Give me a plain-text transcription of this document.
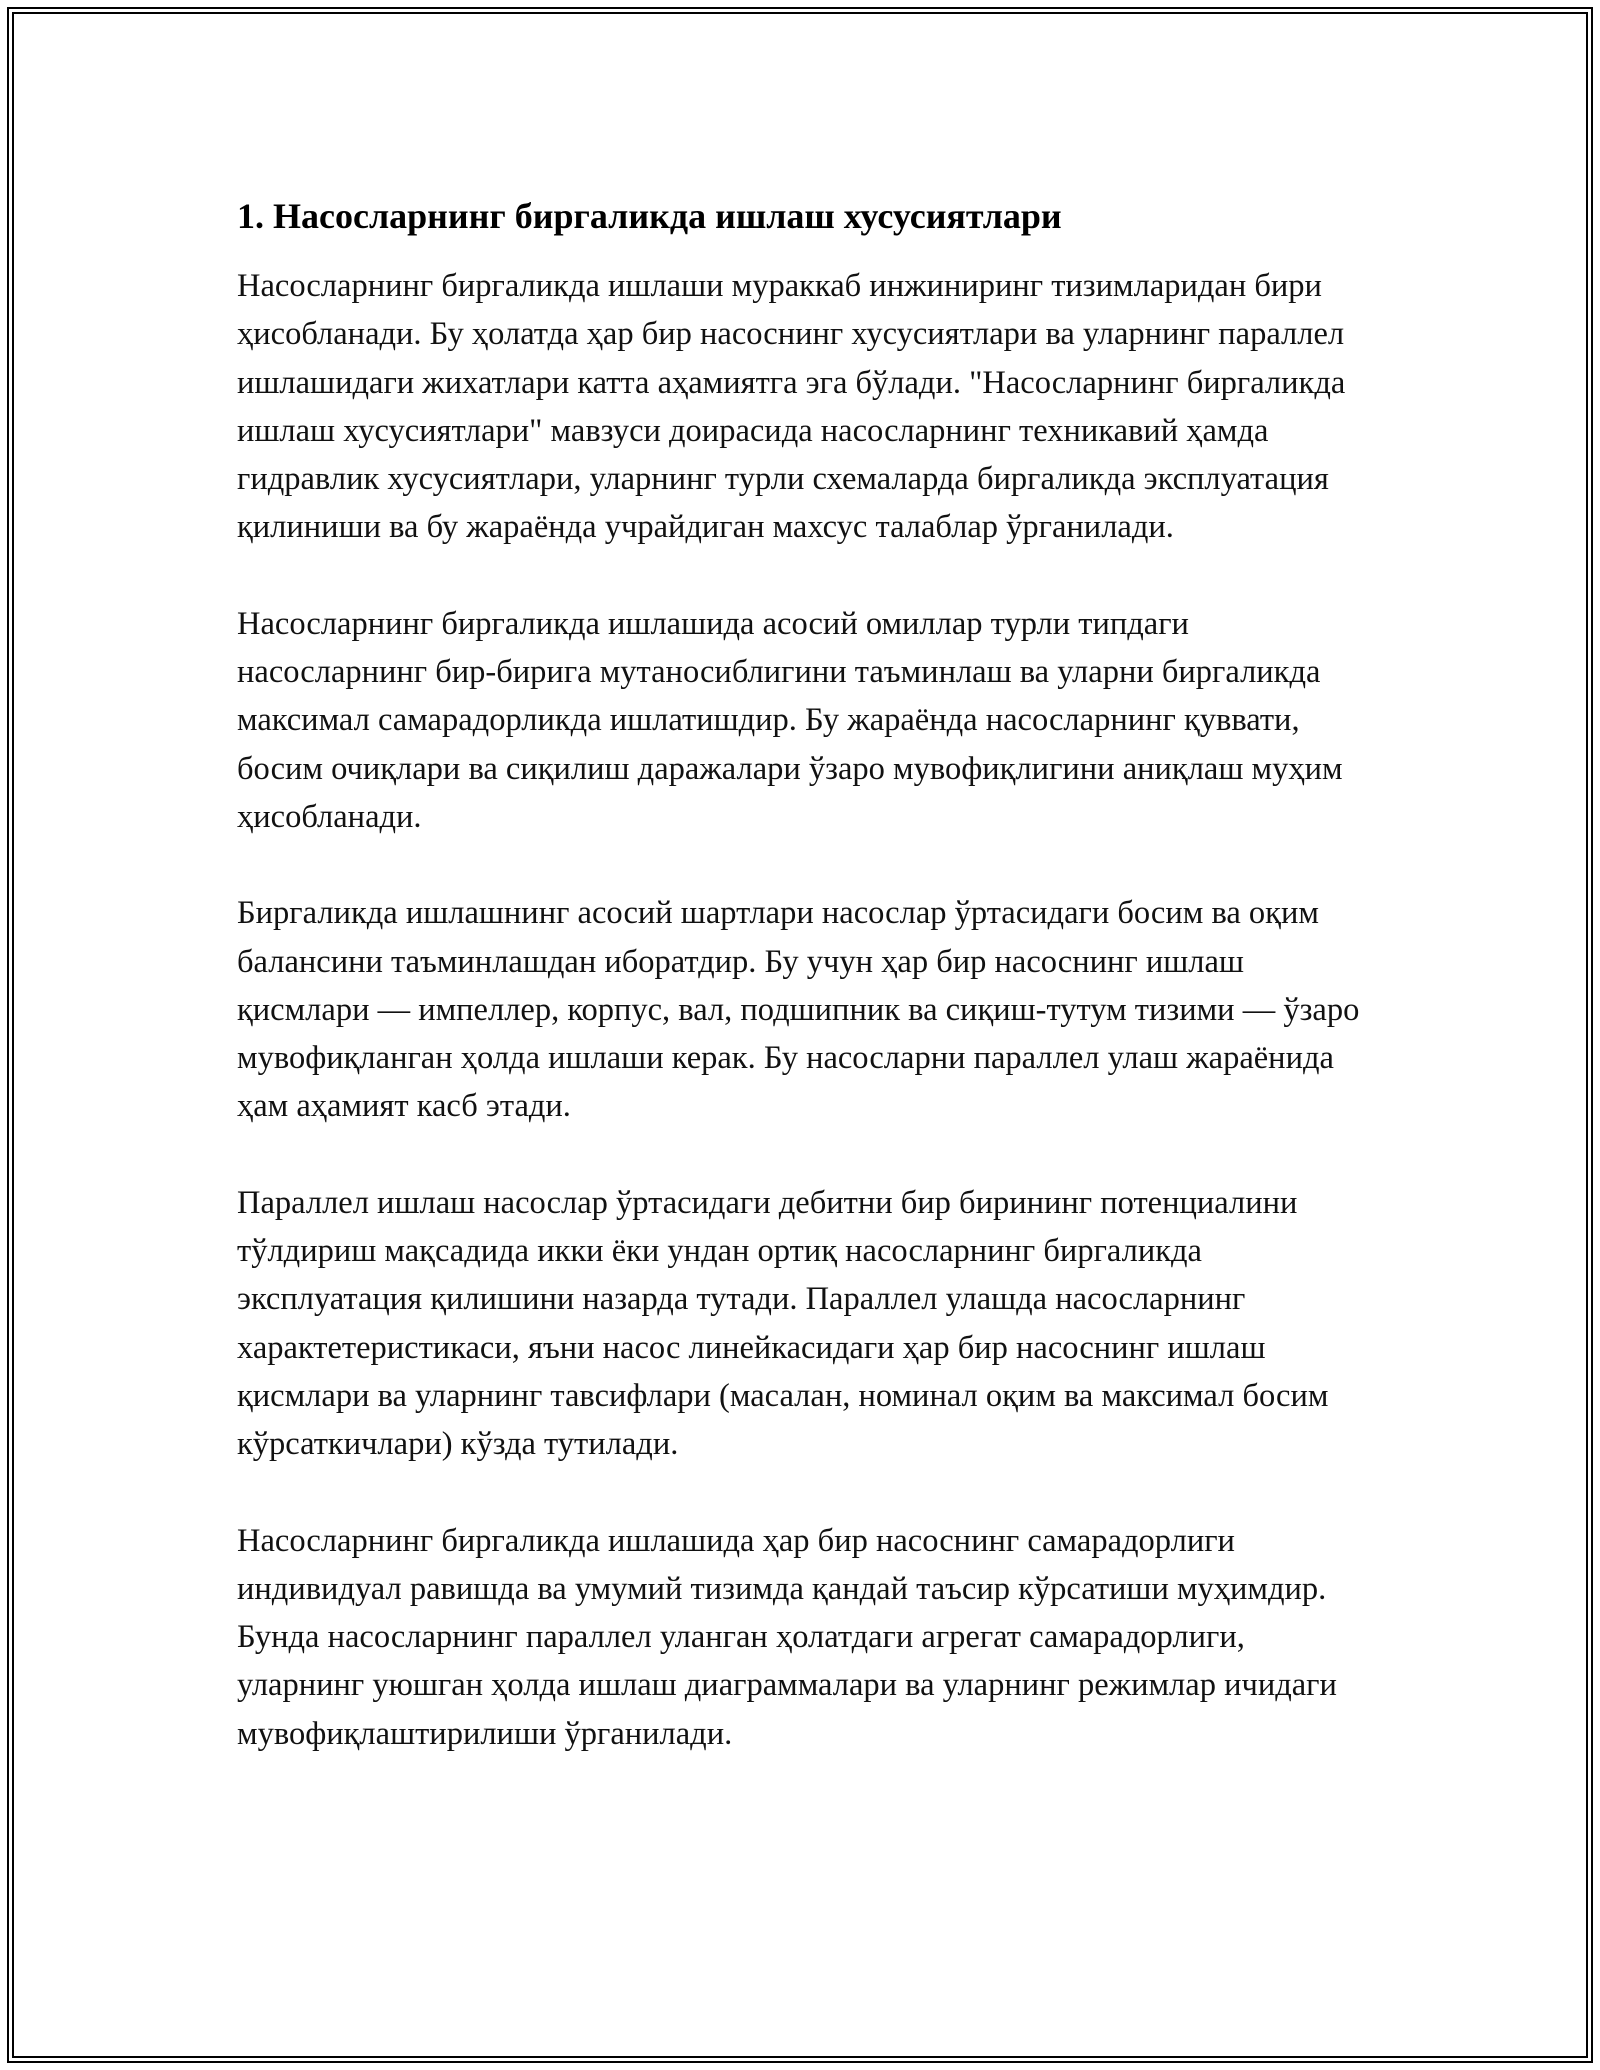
1. Насосларнинг биргаликда ишлаш хусусиятлари

Насосларнинг биргаликда ишлаши мураккаб инжиниринг тизимларидан бири ҳисобланади. Бу ҳолатда ҳар бир насоснинг хусусиятлари ва уларнинг параллел ишлашидаги жихатлари катта аҳамиятга эга бўлади. "Насосларнинг биргаликда ишлаш хусусиятлари" мавзуси доирасида насосларнинг техникавий ҳамда гидравлик хусусиятлари, уларнинг турли схемаларда биргаликда эксплуатация қилиниши ва бу жараёнда учрайдиган махсус талаблар ўрганилади.

Насосларнинг биргаликда ишлашида асосий омиллар турли типдаги насосларнинг бир-бирига мутаносиблигини таъминлаш ва уларни биргаликда максимал самарадорликда ишлатишдир. Бу жараёнда насосларнинг қуввати, босим очиқлари ва сиқилиш даражалари ўзаро мувофиқлигини аниқлаш муҳим ҳисобланади.

Биргаликда ишлашнинг асосий шартлари насослар ўртасидаги босим ва оқим балансини таъминлашдан иборатдир. Бу учун ҳар бир насоснинг ишлаш қисмлари — импеллер, корпус, вал, подшипник ва сиқиш-тутум тизими — ўзаро мувофиқланган ҳолда ишлаши керак. Бу насосларни параллел улаш жараёнида ҳам аҳамият касб этади.

Параллел ишлаш насослар ўртасидаги дебитни бир бирининг потенциалини тўлдириш мақсадида икки ёки ундан ортиқ насосларнинг биргаликда эксплуатация қилишини назарда тутади. Параллел улашда насосларнинг характетеристикаси, яъни насос линейкасидаги ҳар бир насоснинг ишлаш қисмлари ва уларнинг тавсифлари (масалан, номинал оқим ва максимал босим кўрсаткичлари) кўзда тутилади.

Насосларнинг биргаликда ишлашида ҳар бир насоснинг самарадорлиги индивидуал равишда ва умумий тизимда қандай таъсир кўрсатиши муҳимдир. Бунда насосларнинг параллел уланган ҳолатдаги агрегат самарадорлиги, уларнинг уюшган ҳолда ишлаш диаграммалари ва уларнинг режимлар ичидаги мувофиқлаштирилиши ўрганилади.
